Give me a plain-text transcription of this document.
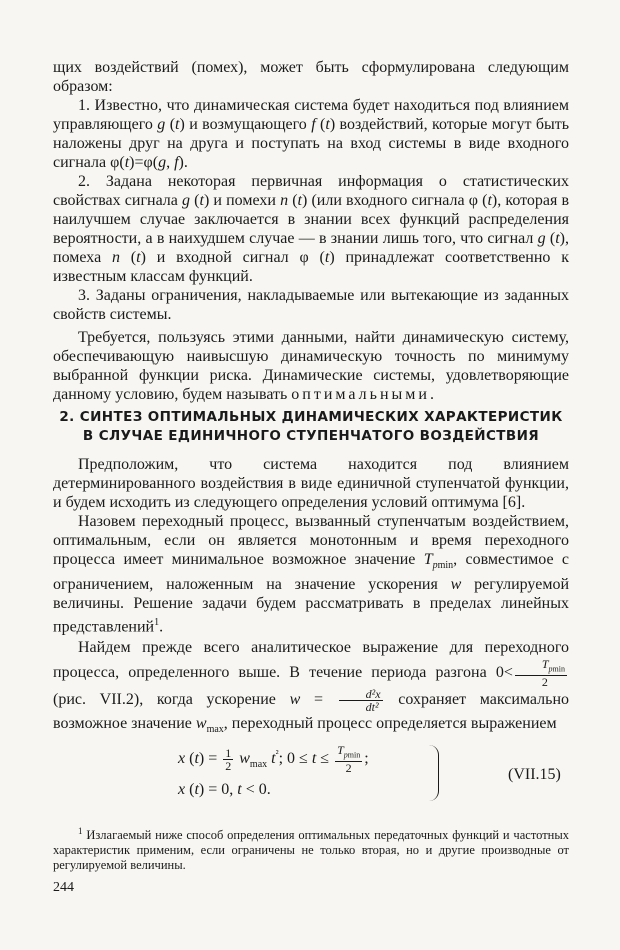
щих воздействий (помех), может быть сформулирована следующим образом:

1. Известно, что динамическая система будет находиться под влиянием управляющего g (t) и возмущающего f (t) воздействий, которые могут быть наложены друг на друга и поступать на вход системы в виде входного сигнала φ(t)=φ(g, f).

2. Задана некоторая первичная информация о статистических свойствах сигнала g (t) и помехи n (t) (или входного сигнала φ (t), которая в наилучшем случае заключается в знании всех функций распределения вероятности, а в наихудшем случае — в знании лишь того, что сигнал g (t), помеха n (t) и входной сигнал φ (t) принадлежат соответственно к известным классам функций.

3. Заданы ограничения, накладываемые или вытекающие из заданных свойств системы.

Требуется, пользуясь этими данными, найти динамическую систему, обеспечивающую наивысшую динамическую точность по минимуму выбранной функции риска. Динамические системы, удовлетворяющие данному условию, будем называть оптимальными.

2. СИНТЕЗ ОПТИМАЛЬНЫХ ДИНАМИЧЕСКИХ ХАРАКТЕРИСТИК
В СЛУЧАЕ ЕДИНИЧНОГО СТУПЕНЧАТОГО ВОЗДЕЙСТВИЯ

Предположим, что система находится под влиянием детерминированного воздействия в виде единичной ступенчатой функции, и будем исходить из следующего определения условий оптимума [6].

Назовем переходный процесс, вызванный ступенчатым воздействием, оптимальным, если он является монотонным и время переходного процесса имеет минимальное возможное значение $T_{pmin}$, совместимое с ограничением, наложенным на значение ускорения w регулируемой величины. Решение задачи будем рассматривать в пределах линейных представлений$^1$.

Найдем прежде всего аналитическое выражение для переходного процесса, определенного выше. В течение периода разгона $0< \frac{T_{pmin}}{2}$
(рис. VII.2), когда ускорение $w = \frac{\text{d²x}}{\text{dt²}}$ сохраняет максимально возможное значение $w_{max}$, переходный процесс определяется выражением

x $(t) = \frac{1}{2} w_{max}$ $t^{^2}$; $0 \le t \le \frac{T_{pmin}}{2}$ ;
x (t) = 0, t < 0.
(VII.15)
$^1$ Излагаемый ниже способ определения оптимальных передаточных функций и частотных характеристик применим, если ограничены не только вторая, но и другие производные от регулируемой величины.
244
